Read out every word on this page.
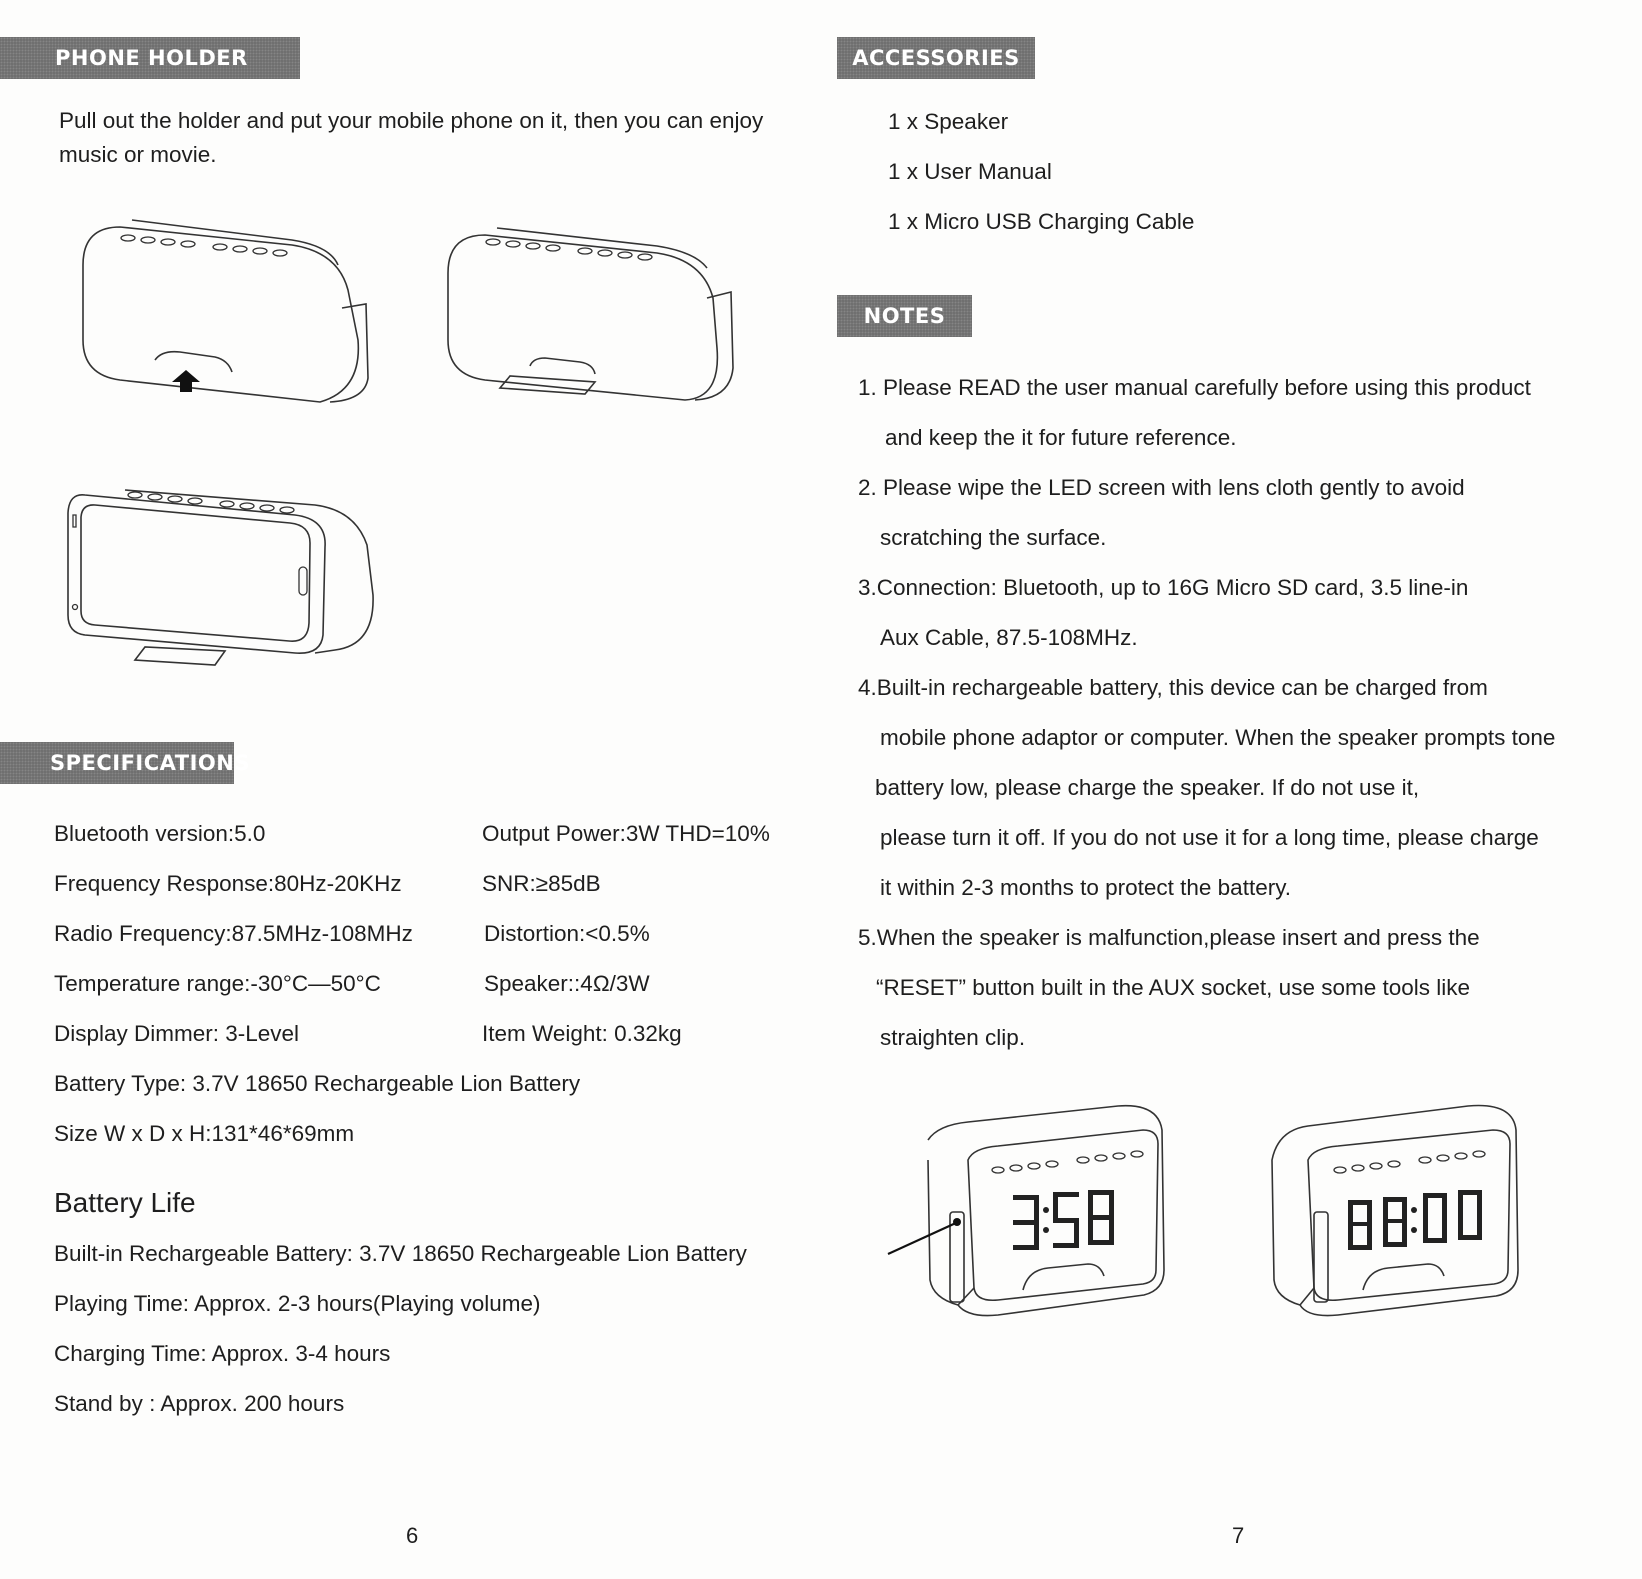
PHONE HOLDER
Pull out the holder and put your mobile phone on it, then you can enjoy music or movie.
SPECIFICATIONS
Bluetooth version:5.0
Frequency Response:80Hz-20KHz
Radio Frequency:87.5MHz-108MHz
Temperature range:-30°C—50°C
Display Dimmer: 3-Level
Output Power:3W THD=10%
SNR:≥85dB
Distortion:<0.5%
Speaker::4Ω/3W
Item Weight: 0.32kg
Battery Type: 3.7V 18650 Rechargeable Lion Battery
Size W x D x H:131*46*69mm
Battery Life
Built-in Rechargeable Battery: 3.7V 18650 Rechargeable Lion Battery
Playing Time: Approx. 2-3 hours(Playing volume)
Charging Time: Approx. 3-4 hours
Stand by : Approx. 200 hours
6
ACCESSORIES
1 x Speaker
1 x User Manual
1 x Micro USB Charging Cable
NOTES
1. Please READ the user manual carefully before using this product
and keep the it for future reference.
2. Please wipe the LED screen with lens cloth gently to avoid
scratching the surface.
3.Connection: Bluetooth, up to 16G Micro SD card, 3.5 line-in
Aux Cable, 87.5-108MHz.
4.Built-in rechargeable battery, this device can be charged from
mobile phone adaptor or computer. When the speaker prompts tone
battery low, please charge the speaker. If do not use it,
please turn it off. If you do not use it for a long time, please charge
it within 2-3 months to protect the battery.
5.When the speaker is malfunction,please insert and press the
“RESET” button built in the AUX socket, use some tools like
straighten clip.
7
